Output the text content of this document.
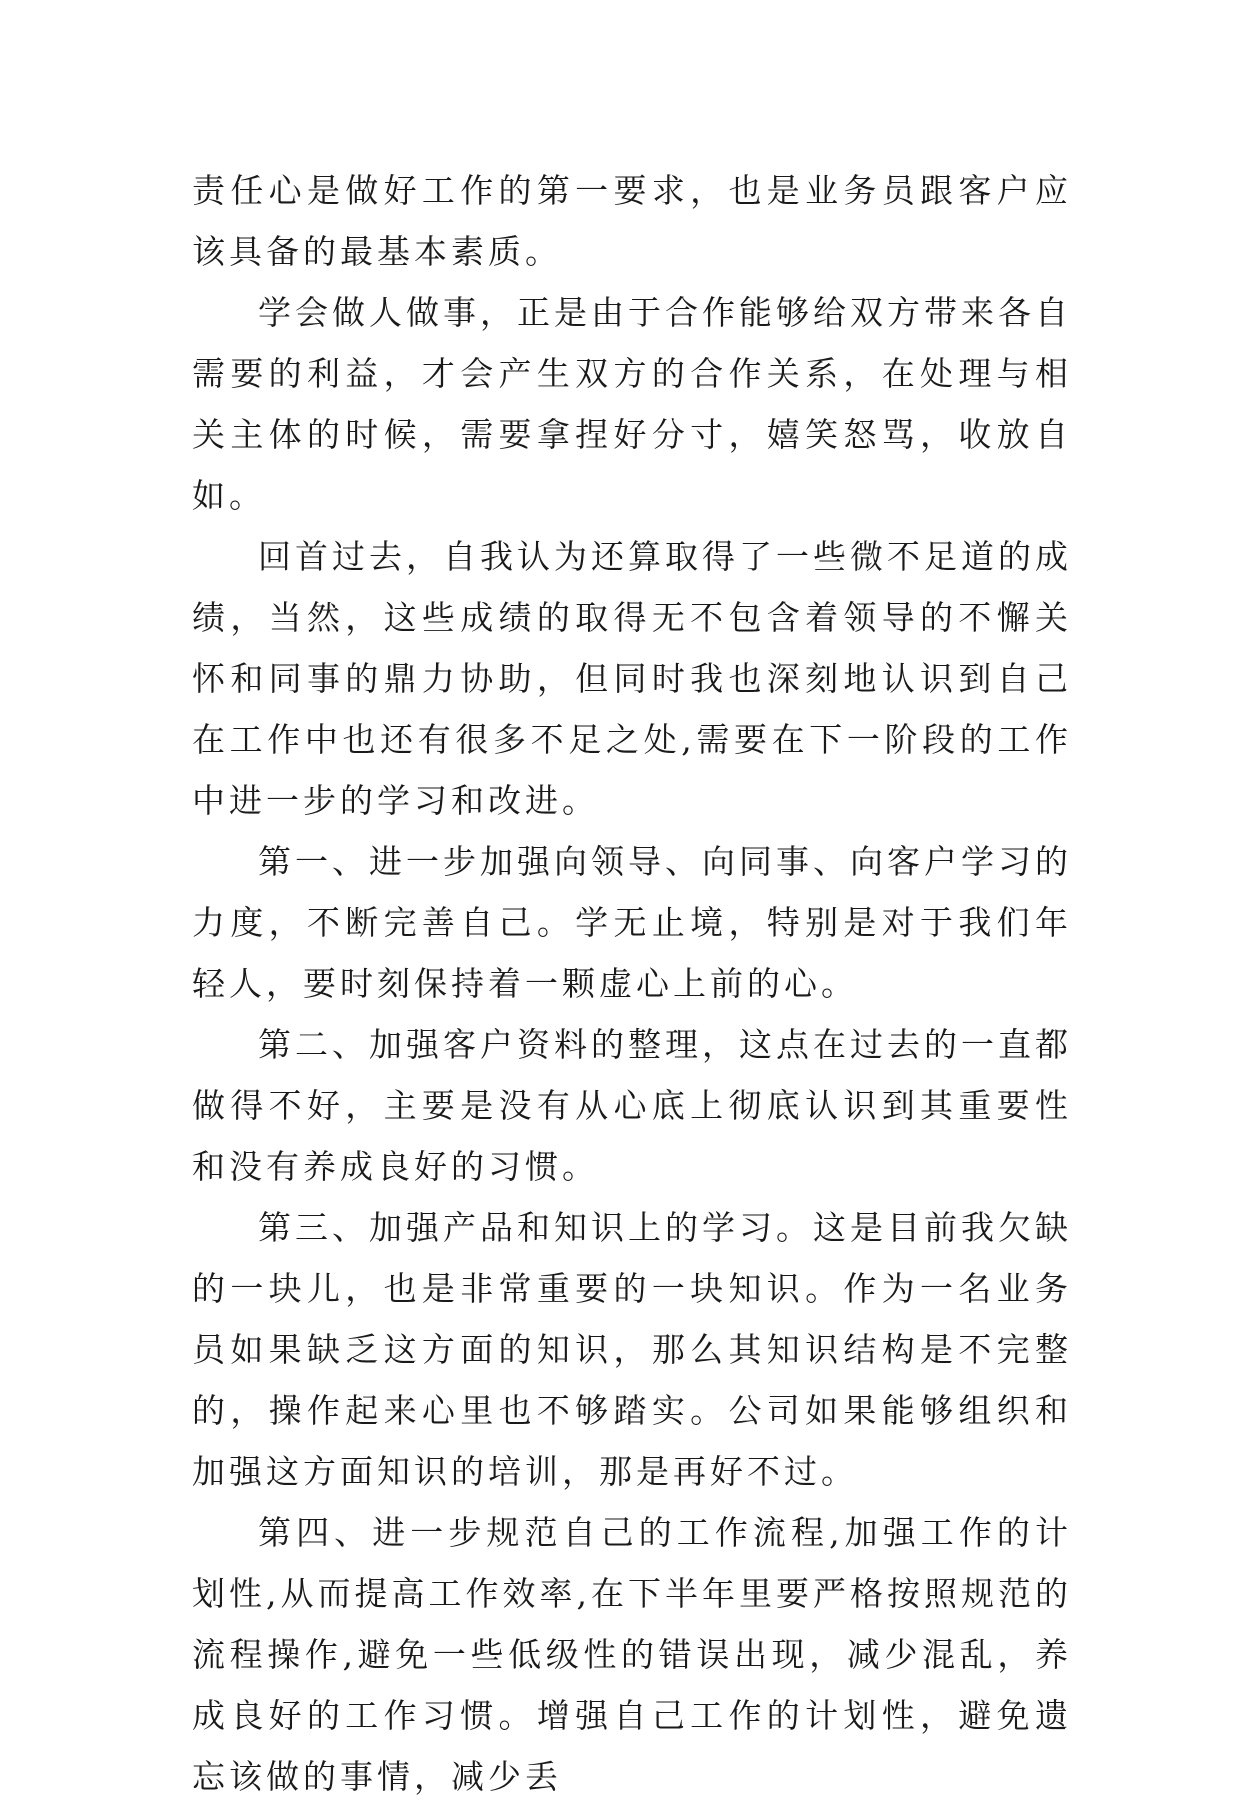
责任心是做好工作的第一要求，也是业务员跟客户应该具备的最基本素质。

学会做人做事，正是由于合作能够给双方带来各自需要的利益，才会产生双方的合作关系，在处理与相关主体的时候，需要拿捏好分寸，嬉笑怒骂，收放自如。

回首过去，自我认为还算取得了一些微不足道的成绩，当然，这些成绩的取得无不包含着领导的不懈关怀和同事的鼎力协助，但同时我也深刻地认识到自己在工作中也还有很多不足之处,需要在下一阶段的工作中进一步的学习和改进。

第一、进一步加强向领导、向同事、向客户学习的力度，不断完善自己。学无止境，特别是对于我们年轻人，要时刻保持着一颗虚心上前的心。

第二、加强客户资料的整理，这点在过去的一直都做得不好，主要是没有从心底上彻底认识到其重要性和没有养成良好的习惯。

第三、加强产品和知识上的学习。这是目前我欠缺的一块儿，也是非常重要的一块知识。作为一名业务员如果缺乏这方面的知识，那么其知识结构是不完整的，操作起来心里也不够踏实。公司如果能够组织和加强这方面知识的培训，那是再好不过。

第四、进一步规范自己的工作流程,加强工作的计划性,从而提高工作效率,在下半年里要严格按照规范的流程操作,避免一些低级性的错误出现，减少混乱，养成良好的工作习惯。增强自己工作的计划性，避免遗忘该做的事情，减少丢
